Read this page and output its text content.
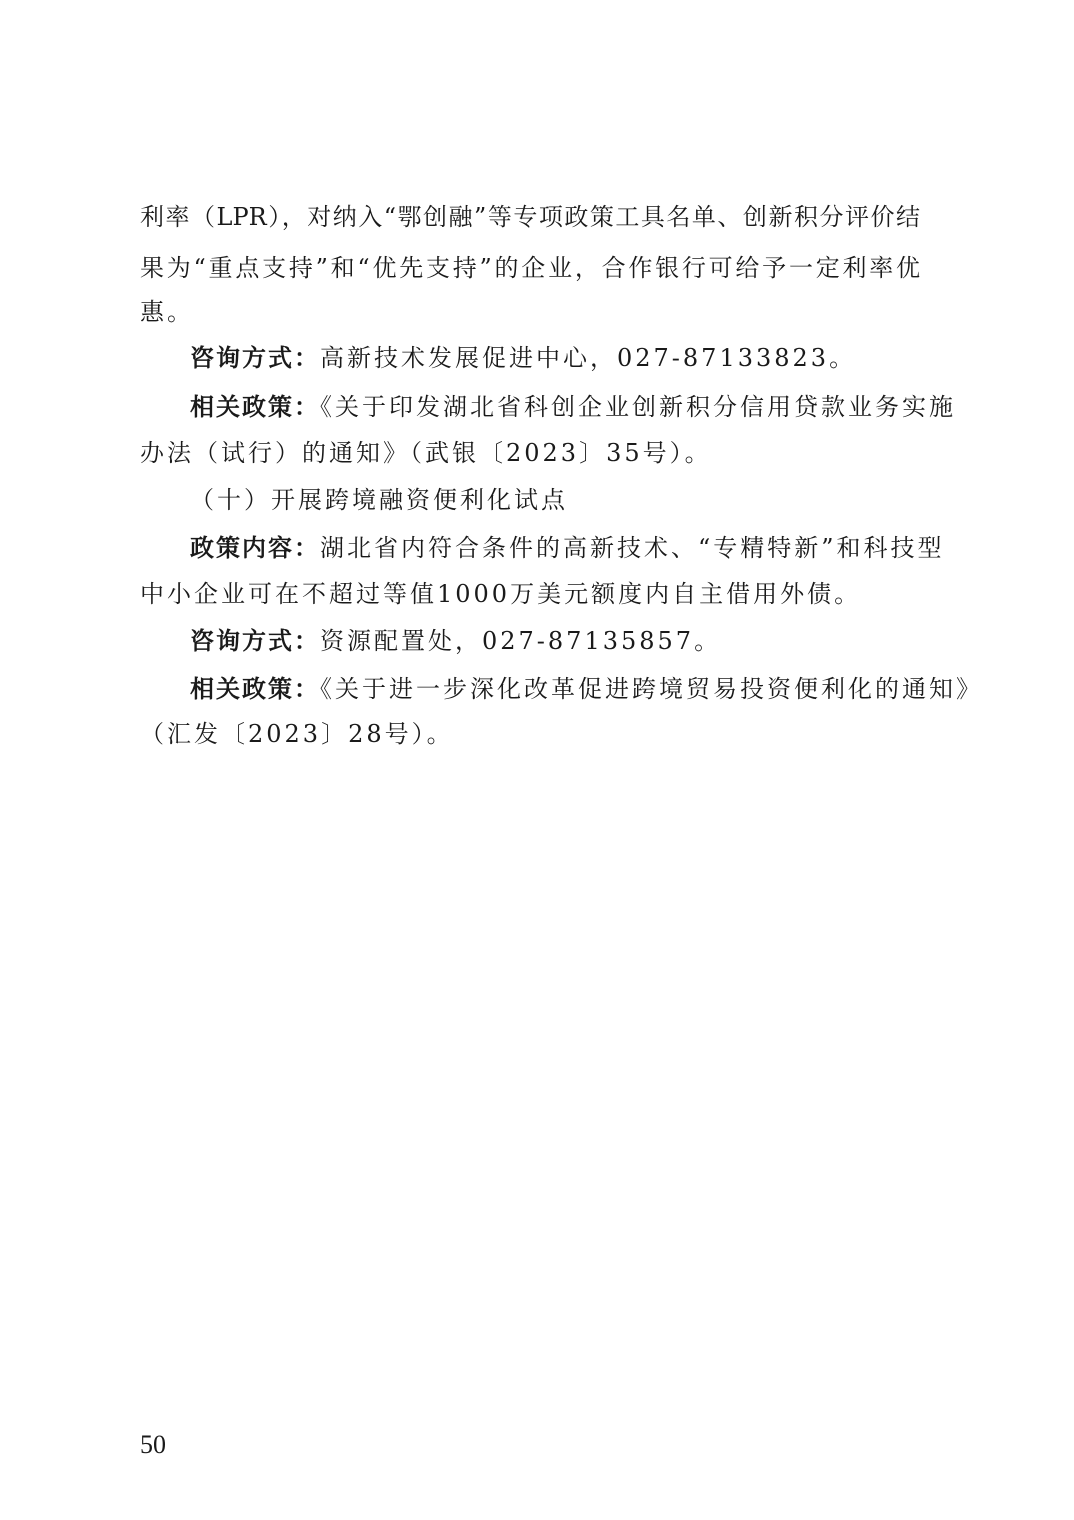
利率（LPR），对纳入“鄂创融”等专项政策工具名单、创新积分评价结
果为“重点支持”和“优先支持”的企业，合作银行可给予一定利率优
惠。
咨询方式：高新技术发展促进中心，027-87133823。
相关政策：《关于印发湖北省科创企业创新积分信用贷款业务实施
办法（试行）的通知》（武银〔2023〕35号）。
（十）开展跨境融资便利化试点
政策内容：湖北省内符合条件的高新技术、“专精特新”和科技型
中小企业可在不超过等值1000万美元额度内自主借用外债。
咨询方式：资源配置处，027-87135857。
相关政策：《关于进一步深化改革促进跨境贸易投资便利化的通知》
（汇发〔2023〕28号）。
50
